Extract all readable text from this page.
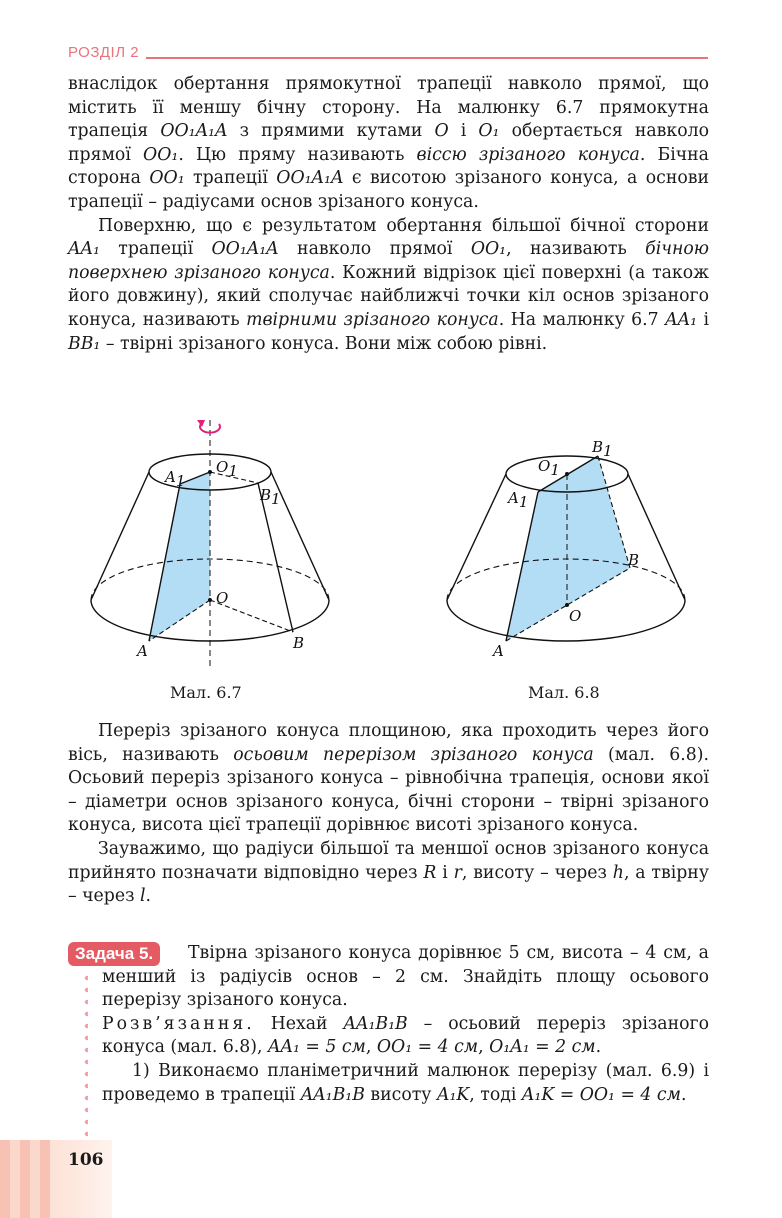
РОЗДІЛ 2

внаслідок обертання прямокутної трапеції навколо прямої, що містить її меншу бічну сторону. На малюнку 6.7 прямокутна трапеція OO₁A₁A з прямими кутами O і O₁ обертається навколо прямої OO₁. Цю пряму називають віссю зрізаного конуса. Бічна сторона OO₁ трапеції OO₁A₁A є висотою зрізаного конуса, а основи трапеції – радіусами основ зрізаного конуса.

Поверхню, що є результатом обертання більшої бічної сторони AA₁ трапеції OO₁A₁A навколо прямої OO₁, називають бічною поверхнею зрізаного конуса. Кожний відрізок цієї поверхні (а також його довжину), який сполучає найближчі точки кіл основ зрізаного конуса, називають твірними зрізаного конуса. На малюнку 6.7 AA₁ і BB₁ – твірні зрізаного конуса. Вони між собою рівні.

A1
O1
B1
O
A	B
Мал. 6.7
B1
O1
A1
B
O
A
Мал. 6.8

Переріз зрізаного конуса площиною, яка проходить через його вісь, називають осьовим перерізом зрізаного конуса (мал. 6.8). Осьовий переріз зрізаного конуса – рівнобічна трапеція, основи якої – діаметри основ зрізаного конуса, бічні сторони – твірні зрізаного конуса, висота цієї трапеції дорівнює висоті зрізаного конуса.

Зауважимо, що радіуси більшої та меншої основ зрізаного конуса прийнято позначати відповідно через R і r, висоту – через h, а твірну – через l.

Задача 5.	Твірна зрізаного конуса дорівнює 5 см, висота – 4 см, а менший із радіусів основ – 2 см. Знайдіть площу осьового перерізу зрізаного конуса.

Розв’язання. Нехай AA₁B₁B – осьовий переріз зрізаного конуса (мал. 6.8), AA₁ = 5 см, OO₁ = 4 см, O₁A₁ = 2 см.

1) Виконаємо планіметричний малюнок перерізу (мал. 6.9) і проведемо в трапеції AA₁B₁B висоту A₁K, тоді A₁K = OO₁ = 4 см.

106
